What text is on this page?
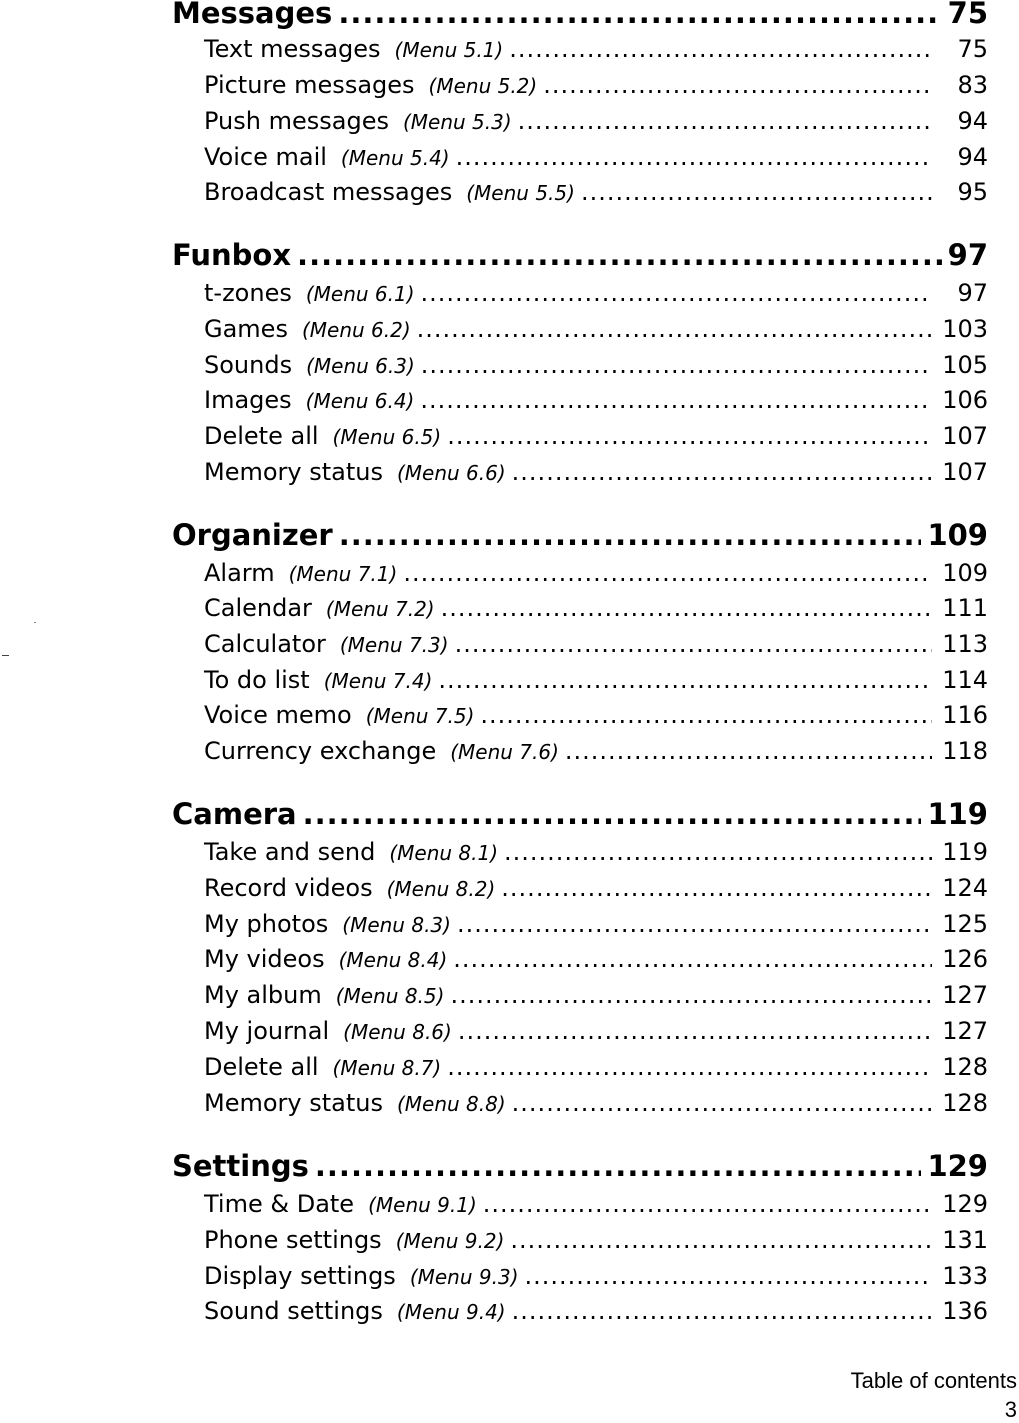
Messages .....	75
Text messages (Menu 5.1) .....	75
Picture messages (Menu 5.2) .....	83
Push messages (Menu 5.3) .....	94
Voice mail (Menu 5.4) .....	94
Broadcast messages (Menu 5.5) .....	95
Funbox .....	97
t-zones (Menu 6.1) .....	97
Games (Menu 6.2) .....	103
Sounds (Menu 6.3) .....	105
Images (Menu 6.4) .....	106
Delete all (Menu 6.5) .....	107
Memory status (Menu 6.6) .....	107
Organizer .....	109
Alarm (Menu 7.1) .....	109
Calendar (Menu 7.2) .....	111
Calculator (Menu 7.3) .....	113
To do list (Menu 7.4) .....	114
Voice memo (Menu 7.5) .....	116
Currency exchange (Menu 7.6) .....	118
Camera .....	119
Take and send (Menu 8.1) .....	119
Record videos (Menu 8.2) .....	124
My photos (Menu 8.3) .....	125
My videos (Menu 8.4) .....	126
My album (Menu 8.5) .....	127
My journal (Menu 8.6) .....	127
Delete all (Menu 8.7) .....	128
Memory status (Menu 8.8) .....	128
Settings .....	129
Time & Date (Menu 9.1) .....	129
Phone settings (Menu 9.2) .....	131
Display settings (Menu 9.3) .....	133
Sound settings (Menu 9.4) .....	136
Table of contents
3
